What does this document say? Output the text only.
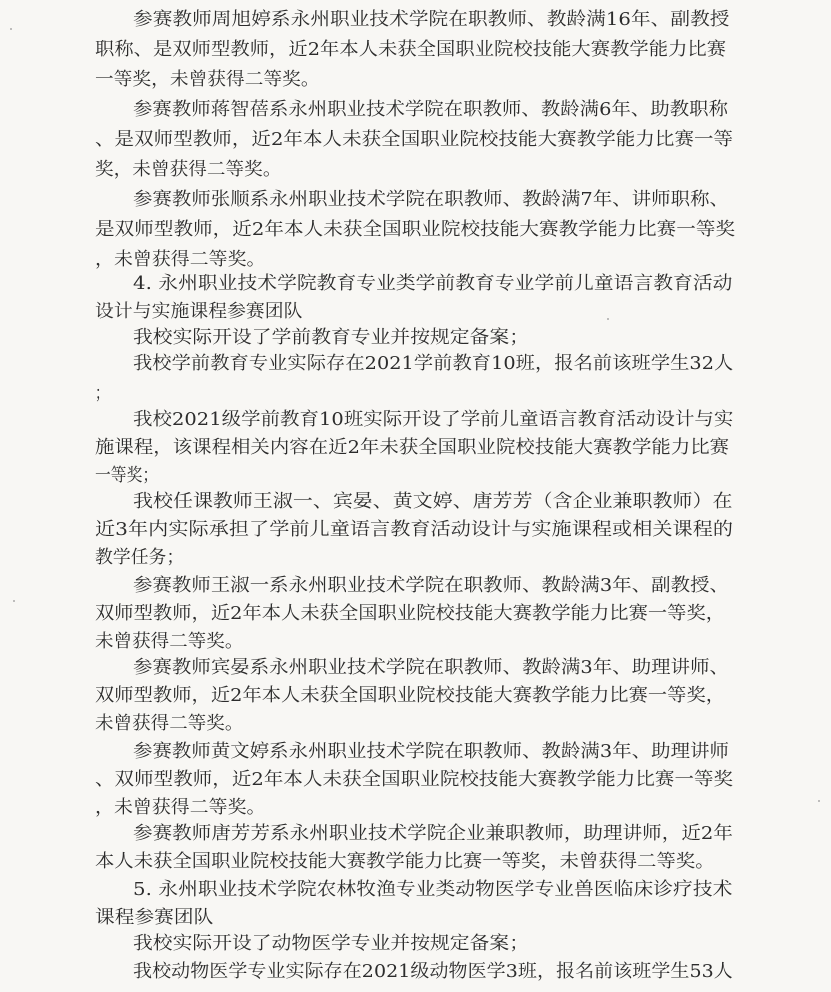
参赛教师周旭婷系永州职业技术学院在职教师、教龄满16年、副教授
职称、是双师型教师，近2年本人未获全国职业院校技能大赛教学能力比赛
一等奖，未曾获得二等奖。
参赛教师蒋智蓓系永州职业技术学院在职教师、教龄满6年、助教职称
、是双师型教师，近2年本人未获全国职业院校技能大赛教学能力比赛一等
奖，未曾获得二等奖。
参赛教师张顺系永州职业技术学院在职教师、教龄满7年、讲师职称、
是双师型教师，近2年本人未获全国职业院校技能大赛教学能力比赛一等奖
，未曾获得二等奖。
4. 永州职业技术学院教育专业类学前教育专业学前儿童语言教育活动
设计与实施课程参赛团队
我校实际开设了学前教育专业并按规定备案；
我校学前教育专业实际存在2021学前教育10班，报名前该班学生32人
；
我校2021级学前教育10班实际开设了学前儿童语言教育活动设计与实
施课程，该课程相关内容在近2年未获全国职业院校技能大赛教学能力比赛
一等奖；
我校任课教师王淑一、宾晏、黄文婷、唐芳芳（含企业兼职教师）在
近3年内实际承担了学前儿童语言教育活动设计与实施课程或相关课程的
教学任务；
参赛教师王淑一系永州职业技术学院在职教师、教龄满3年、副教授、
双师型教师，近2年本人未获全国职业院校技能大赛教学能力比赛一等奖，
未曾获得二等奖。
参赛教师宾晏系永州职业技术学院在职教师、教龄满3年、助理讲师、
双师型教师，近2年本人未获全国职业院校技能大赛教学能力比赛一等奖，
未曾获得二等奖。
参赛教师黄文婷系永州职业技术学院在职教师、教龄满3年、助理讲师
、双师型教师，近2年本人未获全国职业院校技能大赛教学能力比赛一等奖
，未曾获得二等奖。
参赛教师唐芳芳系永州职业技术学院企业兼职教师，助理讲师，近2年
本人未获全国职业院校技能大赛教学能力比赛一等奖，未曾获得二等奖。
5. 永州职业技术学院农林牧渔专业类动物医学专业兽医临床诊疗技术
课程参赛团队
我校实际开设了动物医学专业并按规定备案；
我校动物医学专业实际存在2021级动物医学3班，报名前该班学生53人
